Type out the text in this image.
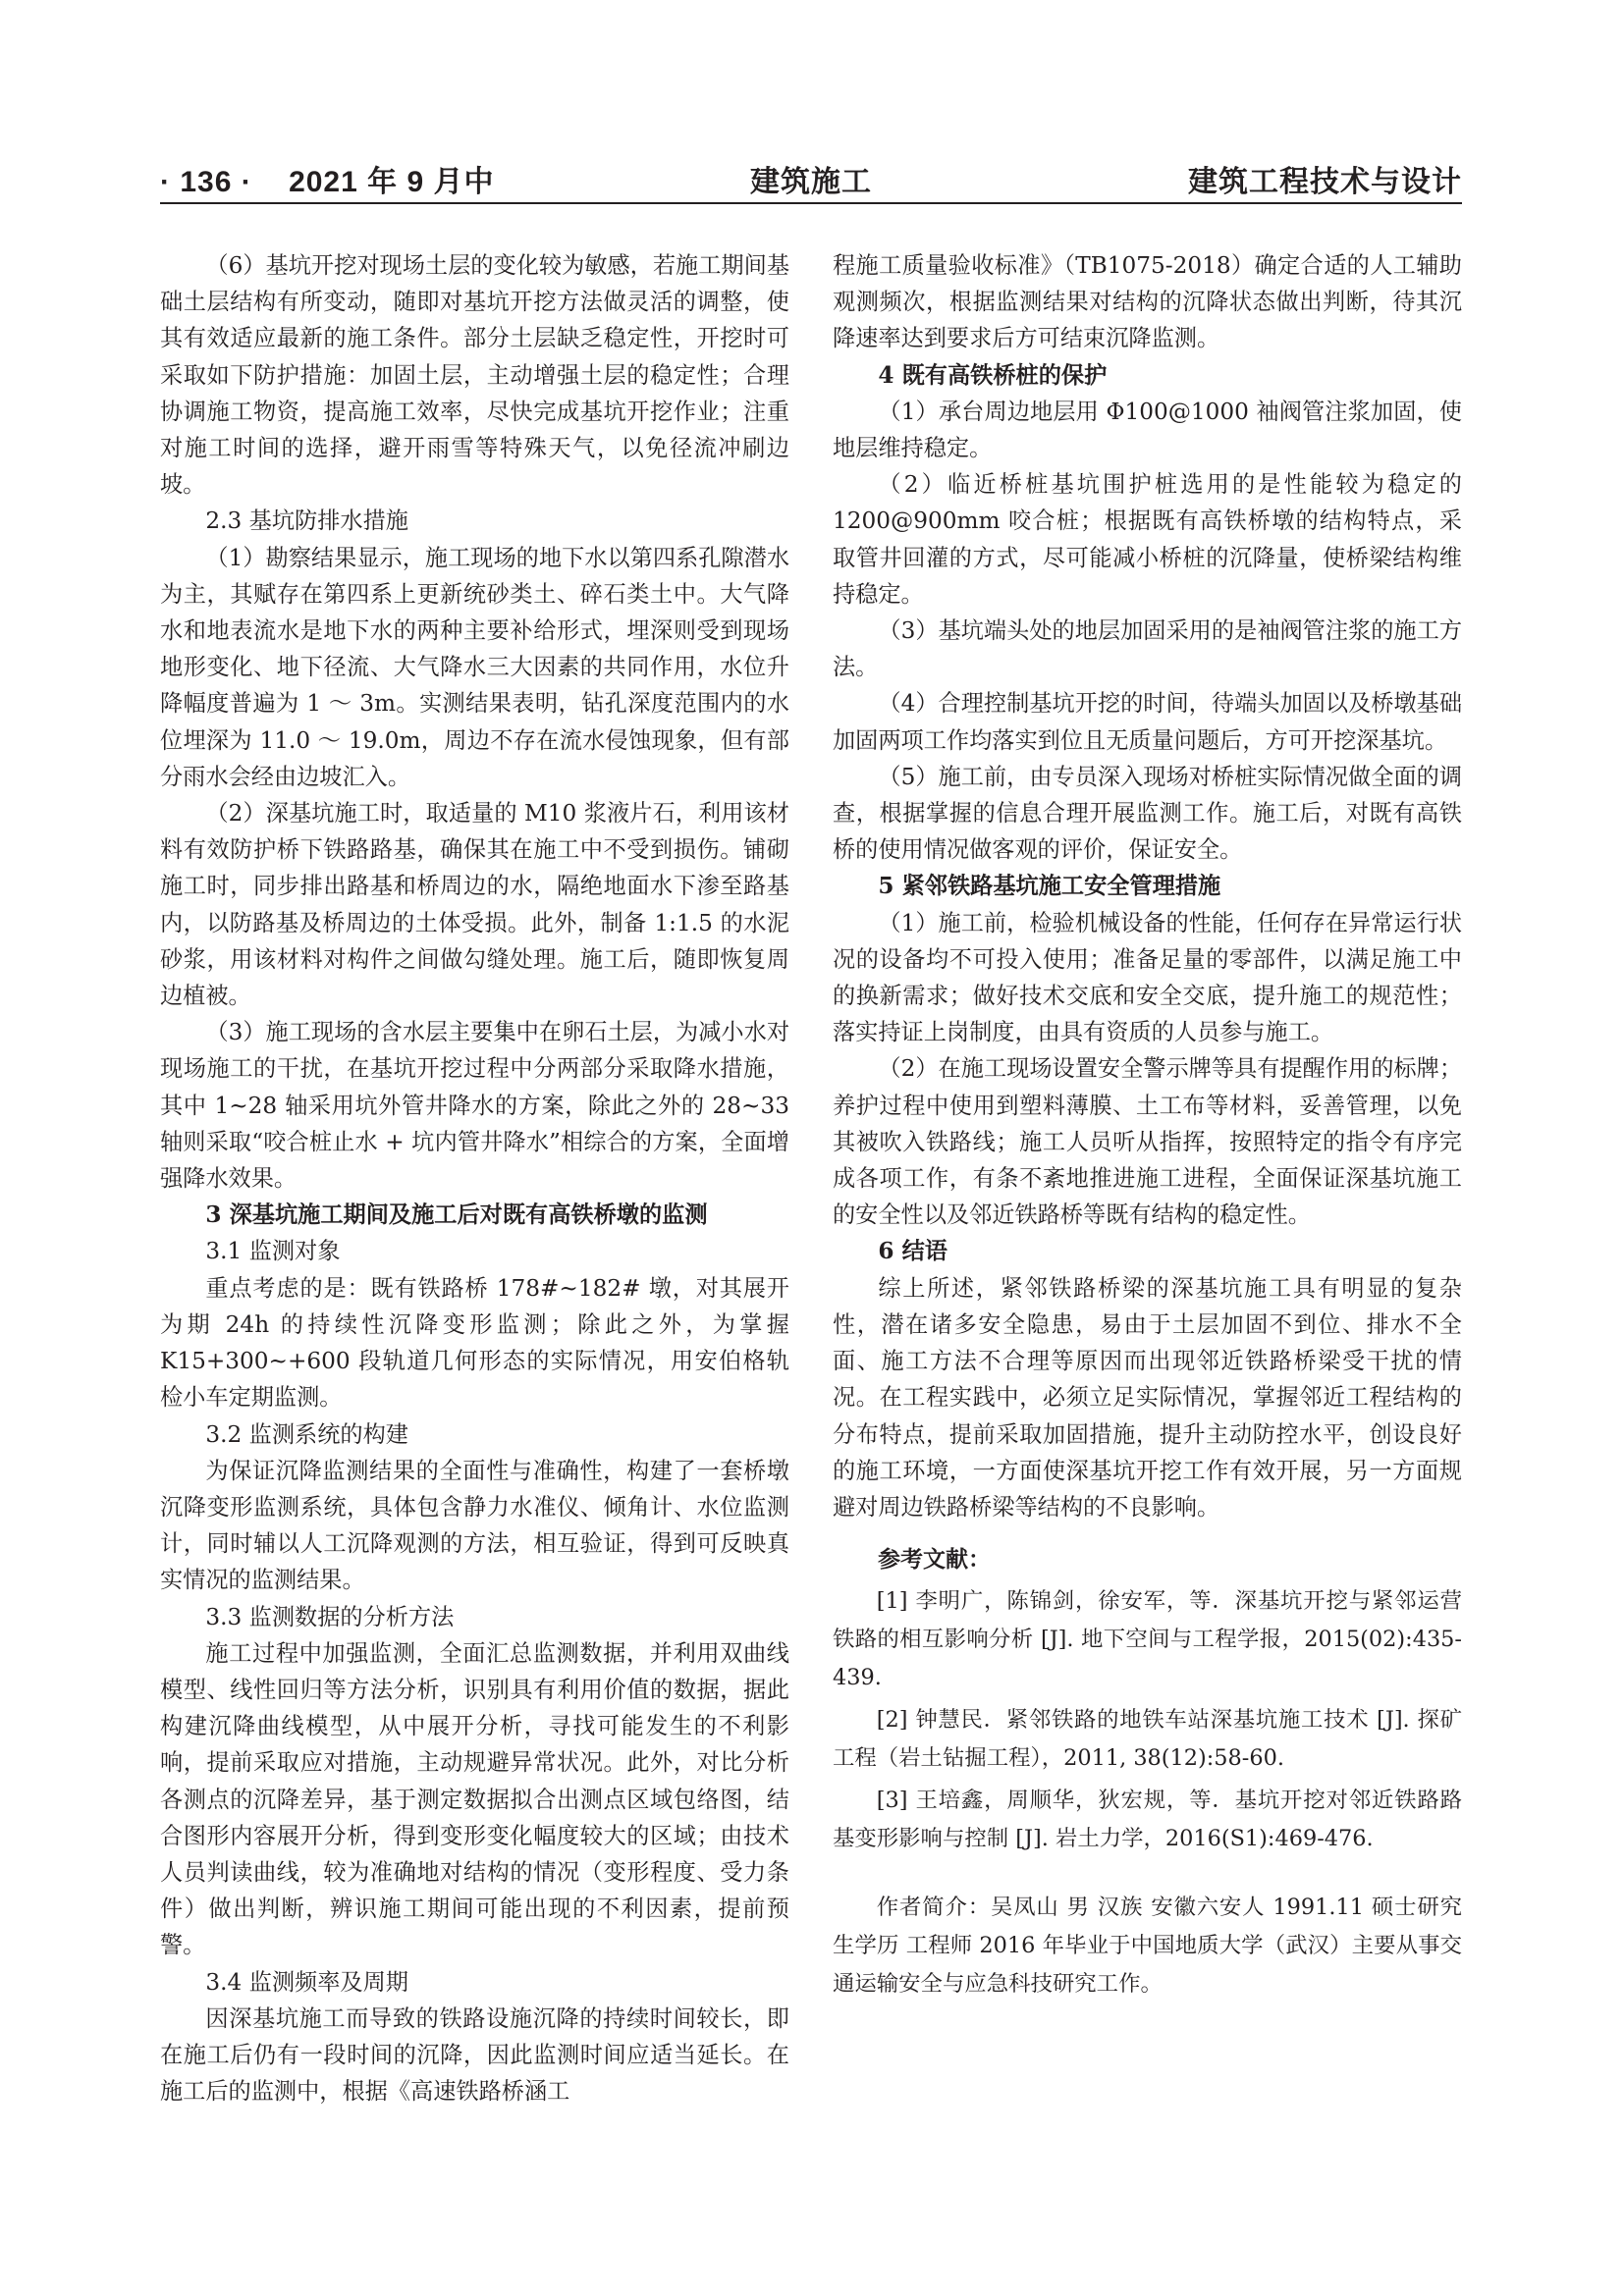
· 136 · 2021 年 9 月中	建筑施工	建筑工程技术与设计

（6）基坑开挖对现场土层的变化较为敏感，若施工期间基础土层结构有所变动，随即对基坑开挖方法做灵活的调整，使其有效适应最新的施工条件。部分土层缺乏稳定性，开挖时可采取如下防护措施：加固土层，主动增强土层的稳定性；合理协调施工物资，提高施工效率，尽快完成基坑开挖作业；注重对施工时间的选择，避开雨雪等特殊天气，以免径流冲刷边坡。

2.3 基坑防排水措施

（1）勘察结果显示，施工现场的地下水以第四系孔隙潜水为主，其赋存在第四系上更新统砂类土、碎石类土中。大气降水和地表流水是地下水的两种主要补给形式，埋深则受到现场地形变化、地下径流、大气降水三大因素的共同作用，水位升降幅度普遍为 1 ～ 3m。实测结果表明，钻孔深度范围内的水位埋深为 11.0 ～ 19.0m，周边不存在流水侵蚀现象，但有部分雨水会经由边坡汇入。

（2）深基坑施工时，取适量的 M10 浆液片石，利用该材料有效防护桥下铁路路基，确保其在施工中不受到损伤。铺砌施工时，同步排出路基和桥周边的水，隔绝地面水下渗至路基内，以防路基及桥周边的土体受损。此外，制备 1:1.5 的水泥砂浆，用该材料对构件之间做勾缝处理。施工后，随即恢复周边植被。

（3）施工现场的含水层主要集中在卵石土层，为减小水对现场施工的干扰，在基坑开挖过程中分两部分采取降水措施，其中 1~28 轴采用坑外管井降水的方案，除此之外的 28~33 轴则采取“咬合桩止水 + 坑内管井降水”相综合的方案，全面增强降水效果。

3 深基坑施工期间及施工后对既有高铁桥墩的监测
3.1 监测对象

重点考虑的是：既有铁路桥 178#~182# 墩，对其展开为期 24h 的持续性沉降变形监测；除此之外，为掌握 K15+300~+600 段轨道几何形态的实际情况，用安伯格轨检小车定期监测。

3.2 监测系统的构建

为保证沉降监测结果的全面性与准确性，构建了一套桥墩沉降变形监测系统，具体包含静力水准仪、倾角计、水位监测计，同时辅以人工沉降观测的方法，相互验证，得到可反映真实情况的监测结果。

3.3 监测数据的分析方法

施工过程中加强监测，全面汇总监测数据，并利用双曲线模型、线性回归等方法分析，识别具有利用价值的数据，据此构建沉降曲线模型，从中展开分析，寻找可能发生的不利影响，提前采取应对措施，主动规避异常状况。此外，对比分析各测点的沉降差异，基于测定数据拟合出测点区域包络图，结合图形内容展开分析，得到变形变化幅度较大的区域；由技术人员判读曲线，较为准确地对结构的情况（变形程度、受力条件）做出判断，辨识施工期间可能出现的不利因素，提前预警。

3.4 监测频率及周期

因深基坑施工而导致的铁路设施沉降的持续时间较长，即在施工后仍有一段时间的沉降，因此监测时间应适当延长。在施工后的监测中，根据《高速铁路桥涵工

程施工质量验收标准》（TB1075-2018）确定合适的人工辅助观测频次，根据监测结果对结构的沉降状态做出判断，待其沉降速率达到要求后方可结束沉降监测。

4 既有高铁桥桩的保护

（1）承台周边地层用 Φ100@1000 袖阀管注浆加固，使地层维持稳定。

（2）临近桥桩基坑围护桩选用的是性能较为稳定的 1200@900mm 咬合桩；根据既有高铁桥墩的结构特点，采取管井回灌的方式，尽可能减小桥桩的沉降量，使桥梁结构维持稳定。

（3）基坑端头处的地层加固采用的是袖阀管注浆的施工方法。

（4）合理控制基坑开挖的时间，待端头加固以及桥墩基础加固两项工作均落实到位且无质量问题后，方可开挖深基坑。

（5）施工前，由专员深入现场对桥桩实际情况做全面的调查，根据掌握的信息合理开展监测工作。施工后，对既有高铁桥的使用情况做客观的评价，保证安全。

5 紧邻铁路基坑施工安全管理措施

（1）施工前，检验机械设备的性能，任何存在异常运行状况的设备均不可投入使用；准备足量的零部件，以满足施工中的换新需求；做好技术交底和安全交底，提升施工的规范性；落实持证上岗制度，由具有资质的人员参与施工。

（2）在施工现场设置安全警示牌等具有提醒作用的标牌；养护过程中使用到塑料薄膜、土工布等材料，妥善管理，以免其被吹入铁路线；施工人员听从指挥，按照特定的指令有序完成各项工作，有条不紊地推进施工进程，全面保证深基坑施工的安全性以及邻近铁路桥等既有结构的稳定性。

6 结语

综上所述，紧邻铁路桥梁的深基坑施工具有明显的复杂性，潜在诸多安全隐患，易由于土层加固不到位、排水不全面、施工方法不合理等原因而出现邻近铁路桥梁受干扰的情况。在工程实践中，必须立足实际情况，掌握邻近工程结构的分布特点，提前采取加固措施，提升主动防控水平，创设良好的施工环境，一方面使深基坑开挖工作有效开展，另一方面规避对周边铁路桥梁等结构的不良影响。

参考文献：

[1] 李明广，陈锦剑，徐安军，等．深基坑开挖与紧邻运营铁路的相互影响分析 [J]. 地下空间与工程学报，2015(02):435-439.

[2] 钟慧民．紧邻铁路的地铁车站深基坑施工技术 [J]. 探矿工程（岩土钻掘工程），2011, 38(12):58-60.

[3] 王培鑫，周顺华，狄宏规，等．基坑开挖对邻近铁路路基变形影响与控制 [J]. 岩土力学，2016(S1):469-476.

作者简介：吴凤山 男 汉族 安徽六安人 1991.11 硕士研究生学历 工程师 2016 年毕业于中国地质大学（武汉）主要从事交通运输安全与应急科技研究工作。
